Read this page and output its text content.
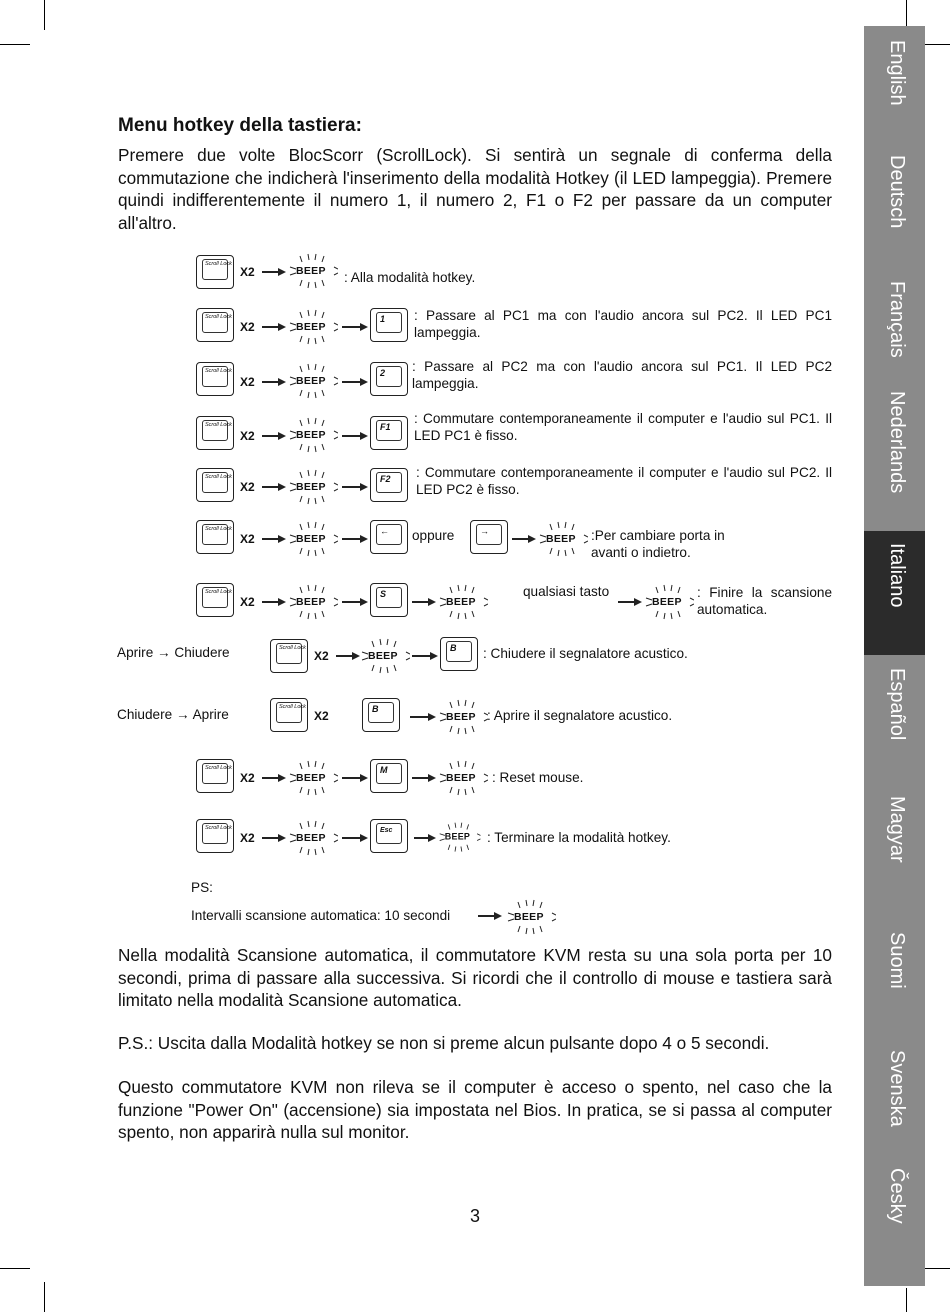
Menu hotkey della tastiera:

Premere due volte BlocScorr (ScrollLock). Si sentirà un segnale di conferma della commutazione che indicherà l'inserimento della modalità Hotkey (il LED lampeggia). Premere quindi indifferentemente il numero 1, il numero 2, F1 o F2 per passare da un computer all'altro.

Scroll Lock
X2	BEEP : Alla modalità hotkey.
Scroll Lock
X2	BEEP
1 : Passare al PC1 ma con l'audio ancora sul PC2. Il LED PC1 lampeggia.
Scroll Lock
X2	BEEP
2 : Passare al PC2 ma con l'audio ancora sul PC1. Il LED PC2 lampeggia.
Scroll Lock
X2	BEEP
F1
: Commutare contemporaneamente il computer e l'audio sul PC1. Il LED PC1 è fisso.
Scroll Lock
X2	BEEP
F2 : Commutare contemporaneamente il computer e l'audio sul PC2. Il LED PC2 è fisso.
Scroll Lock
X2	BEEP
← oppure	→
BEEP :Per cambiare porta in avanti o indietro.
Scroll Lock
X2	BEEP
S
BEEP
qualsiasi tasto
BEEP
: Finire la scansione automatica.
Aprire → Chiudere	Scroll Lock
X2	BEEP
B : Chiudere il segnalatore acustico.
Chiudere → Aprire	Scroll Lock
X2	B
BEEP : Aprire il segnalatore acustico.
Scroll Lock
X2	BEEP
M
BEEP : Reset mouse.
Scroll Lock
X2	BEEP
Esc
BEEP : Terminare la modalità hotkey.
PS:
Intervalli scansione automatica: 10 secondi	BEEP

Nella modalità Scansione automatica, il commutatore KVM resta su una sola porta per 10 secondi, prima di passare alla successiva. Si ricordi che il controllo di mouse e tastiera sarà limitato nella modalità Scansione automatica.

P.S.: Uscita dalla Modalità hotkey se non si preme alcun pulsante dopo 4 o 5 secondi.

Questo commutatore KVM non rileva se il computer è acceso o spento, nel caso che la funzione "Power On" (accensione) sia impostata nel Bios. In pratica, se si passa al computer spento, non apparirà nulla sul monitor.

3
English
Deutsch
Français
Nederlands
Italiano
Español
Magyar
Suomi
Svenska
Česky
